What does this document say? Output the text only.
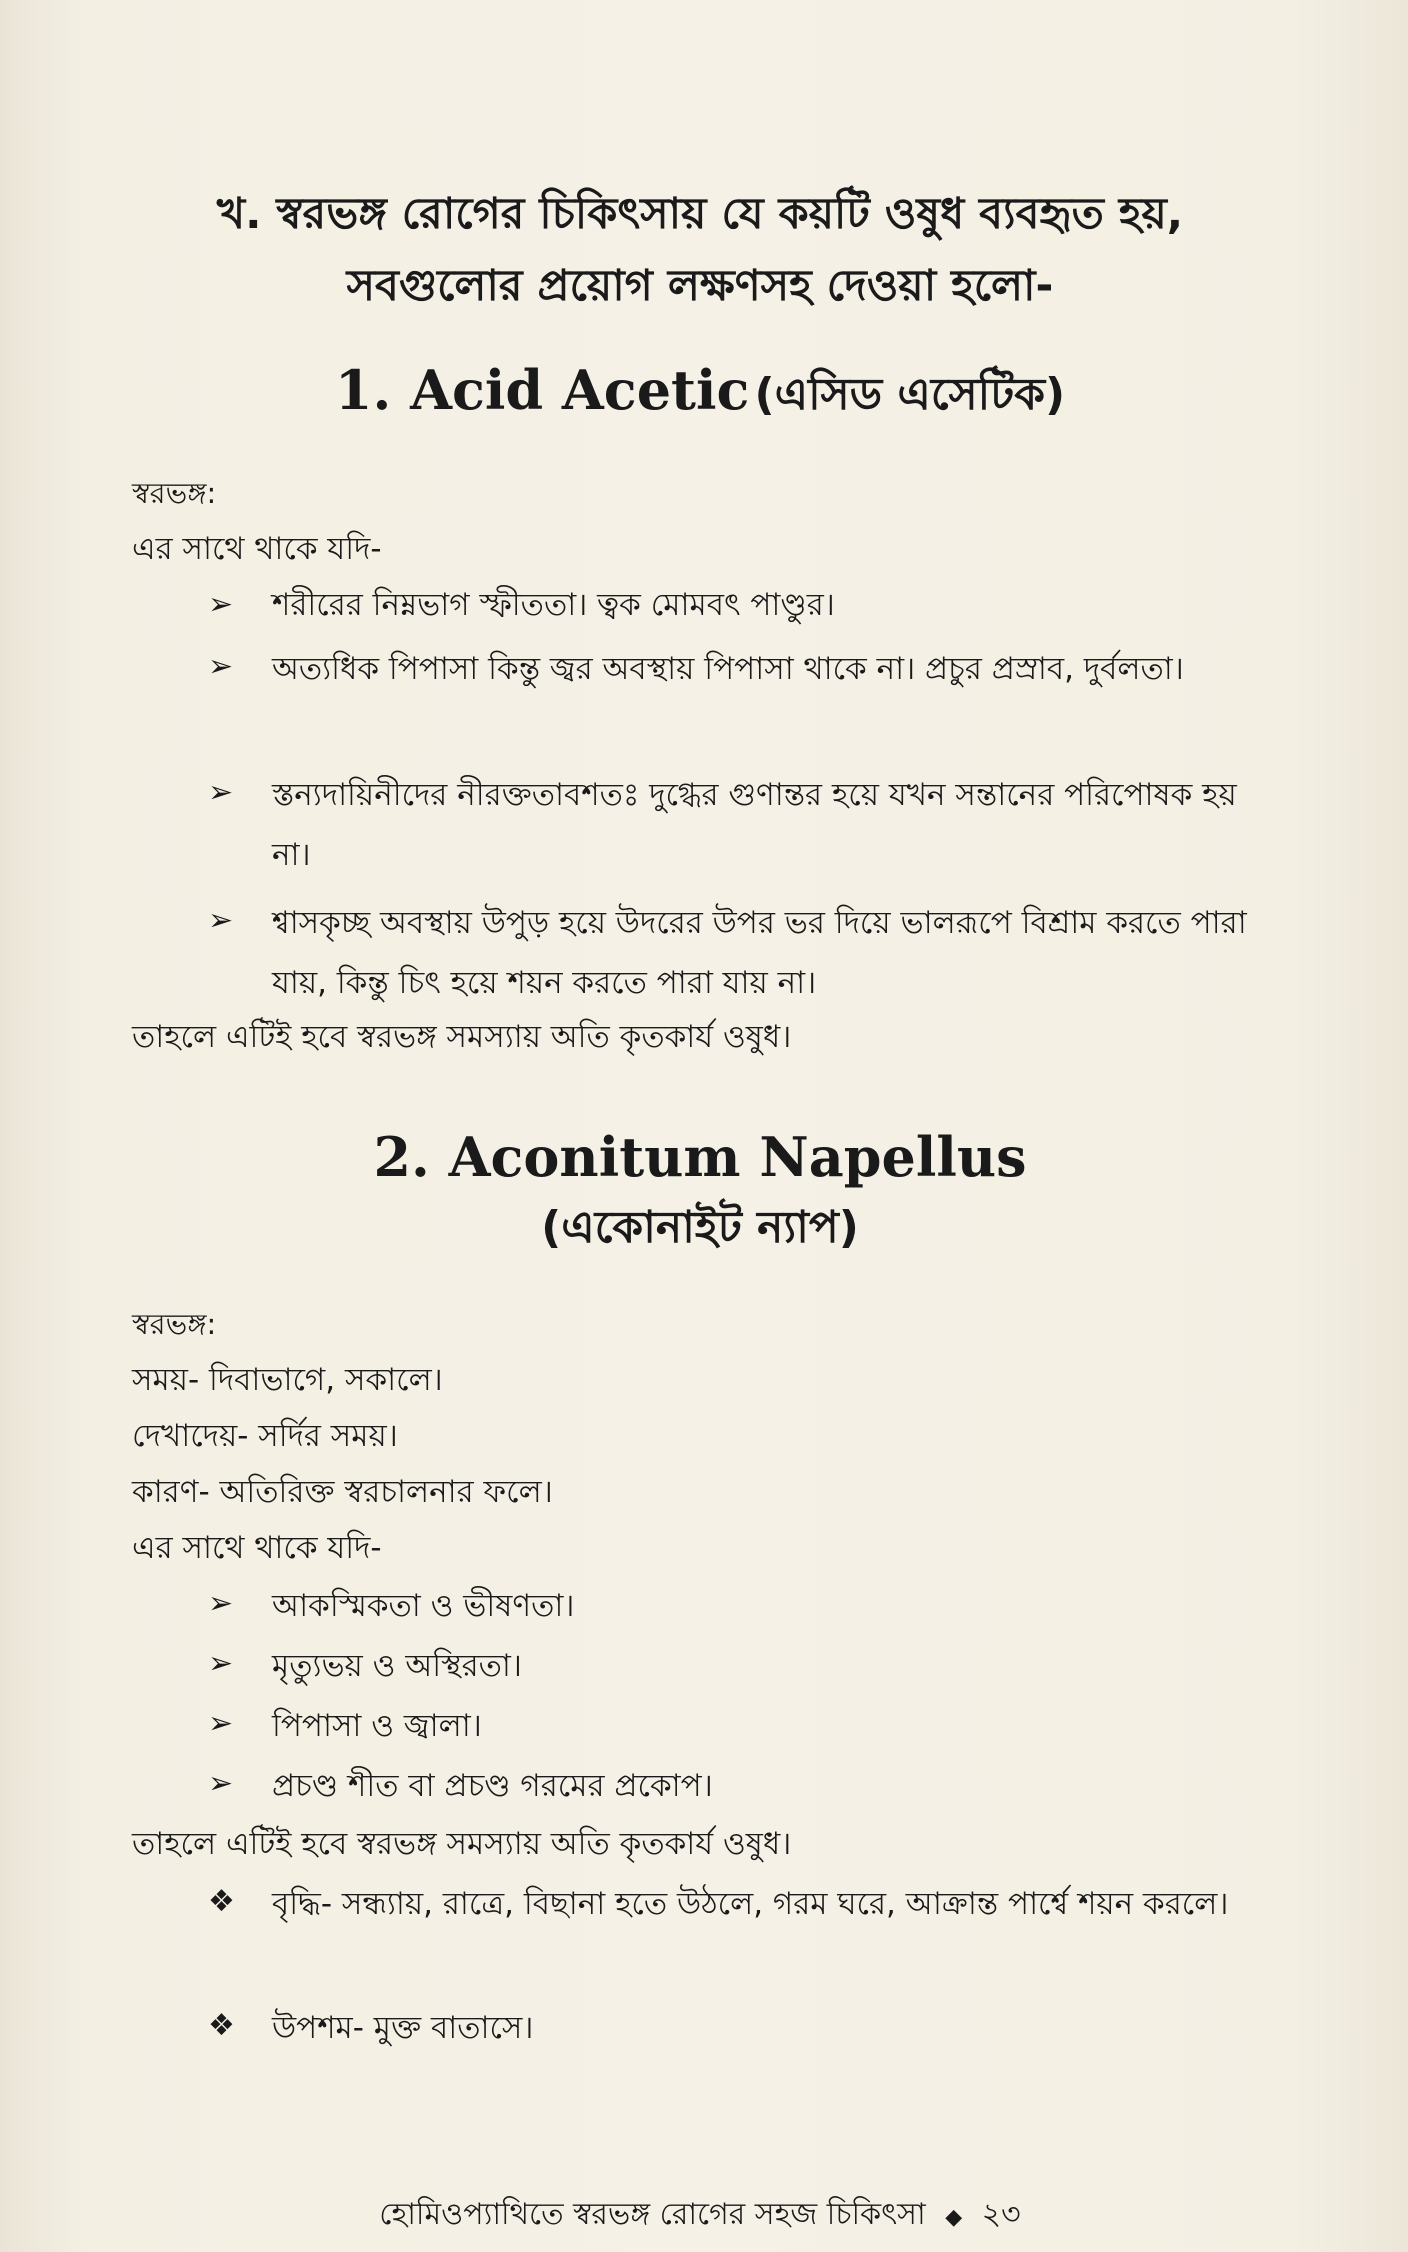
খ. স্বরভঙ্গ রোগের চিকিৎসায় যে কয়টি ওষুধ ব্যবহৃত হয়,
সবগুলোর প্রয়োগ লক্ষণসহ দেওয়া হলো-
1. Acid Acetic (এসিড এসেটিক)
স্বরভঙ্গ:
এর সাথে থাকে যদি-
➢ শরীরের নিম্নভাগ স্ফীততা। ত্বক মোমবৎ পাণ্ডুর।
➢ অত্যধিক পিপাসা কিন্তু জ্বর অবস্থায় পিপাসা থাকে না। প্রচুর প্রস্রাব, দুর্বলতা।
➢ স্তন্যদায়িনীদের নীরক্ততাবশতঃ দুগ্ধের গুণান্তর হয়ে যখন সন্তানের পরিপোষক হয় না।
➢ শ্বাসকৃচ্ছ অবস্থায় উপুড় হয়ে উদরের উপর ভর দিয়ে ভালরূপে বিশ্রাম করতে পারা যায়, কিন্তু চিৎ হয়ে শয়ন করতে পারা যায় না।
তাহলে এটিই হবে স্বরভঙ্গ সমস্যায় অতি কৃতকার্য ওষুধ।
2. Aconitum Napellus
(একোনাইট ন্যাপ)
স্বরভঙ্গ:
সময়- দিবাভাগে, সকালে।
দেখাদেয়- সর্দির সময়।
কারণ- অতিরিক্ত স্বরচালনার ফলে।
এর সাথে থাকে যদি-
➢ আকস্মিকতা ও ভীষণতা।
➢ মৃত্যুভয় ও অস্থিরতা।
➢ পিপাসা ও জ্বালা।
➢ প্রচণ্ড শীত বা প্রচণ্ড গরমের প্রকোপ।
তাহলে এটিই হবে স্বরভঙ্গ সমস্যায় অতি কৃতকার্য ওষুধ।
❖ বৃদ্ধি- সন্ধ্যায়, রাত্রে, বিছানা হতে উঠলে, গরম ঘরে, আক্রান্ত পার্শ্বে শয়ন করলে।
❖ উপশম- মুক্ত বাতাসে।
হোমিওপ্যাথিতে স্বরভঙ্গ রোগের সহজ চিকিৎসা ◆ ২৩
